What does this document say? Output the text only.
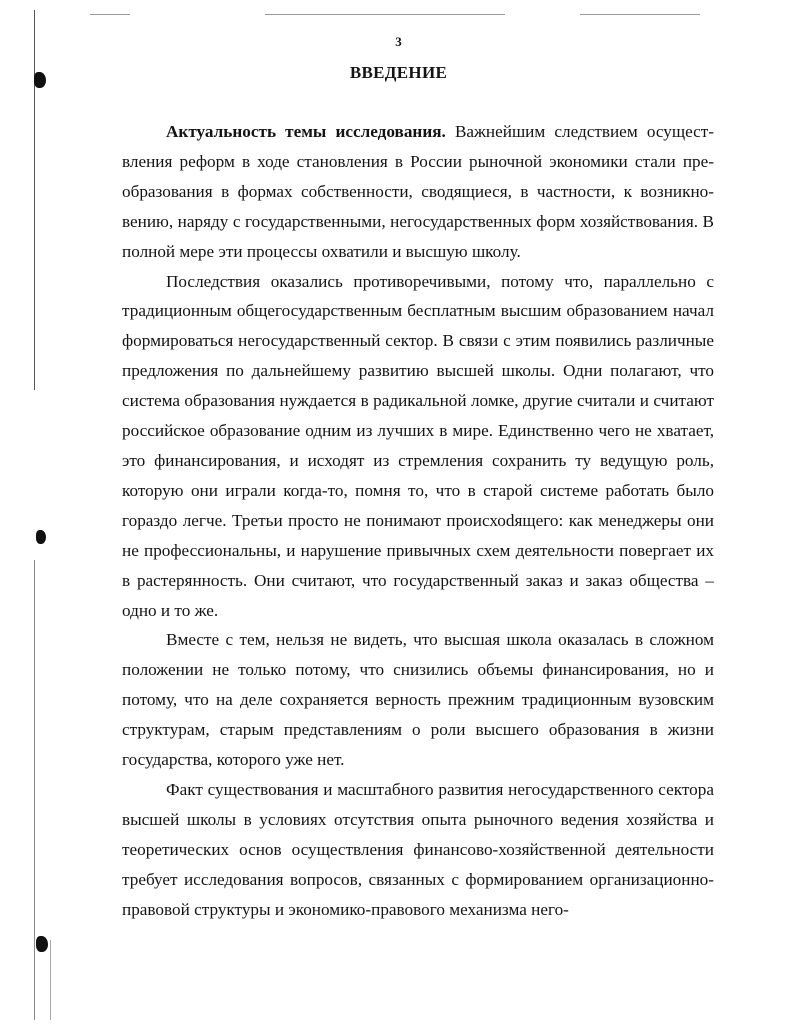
3
ВВЕДЕНИЕ

Актуальность темы исследования. Важнейшим следствием осуществления реформ в ходе становления в России рыночной экономики стали преобразования в формах собственности, сводящиеся, в частности, к возникновению, наряду с государственными, негосударственных форм хозяйствования. В полной мере эти процессы охватили и высшую школу.

Последствия оказались противоречивыми, потому что, параллельно с традиционным общегосударственным бесплатным высшим образованием начал формироваться негосударственный сектор. В связи с этим появились различные предложения по дальнейшему развитию высшей школы. Одни полагают, что система образования нуждается в радикальной ломке, другие считали и считают российское образование одним из лучших в мире. Единственно чего не хватает, это финансирования, и исходят из стремления сохранить ту ведущую роль, которую они играли когда-то, помня то, что в старой системе работать было гораздо легче. Третьи просто не понимают происхоdящего: как менеджеры они не профессиональны, и нарушение привычных схем деятельности повергает их в растерянность. Они считают, что государственный заказ и заказ общества – одно и то же.

Вместе с тем, нельзя не видеть, что высшая школа оказалась в сложном положении не только потому, что снизились объемы финансирования, но и потому, что на деле сохраняется верность прежним традиционным вузовским структурам, старым представлениям о роли высшего образования в жизни государства, которого уже нет.

Факт существования и масштабного развития негосударственного сектора высшей школы в условиях отсутствия опыта рыночного ведения хозяйства и теоретических основ осуществления финансово-хозяйственной деятельности требует исследования вопросов, связанных с формированием организационно-правовой структуры и экономико-правового механизма него-
